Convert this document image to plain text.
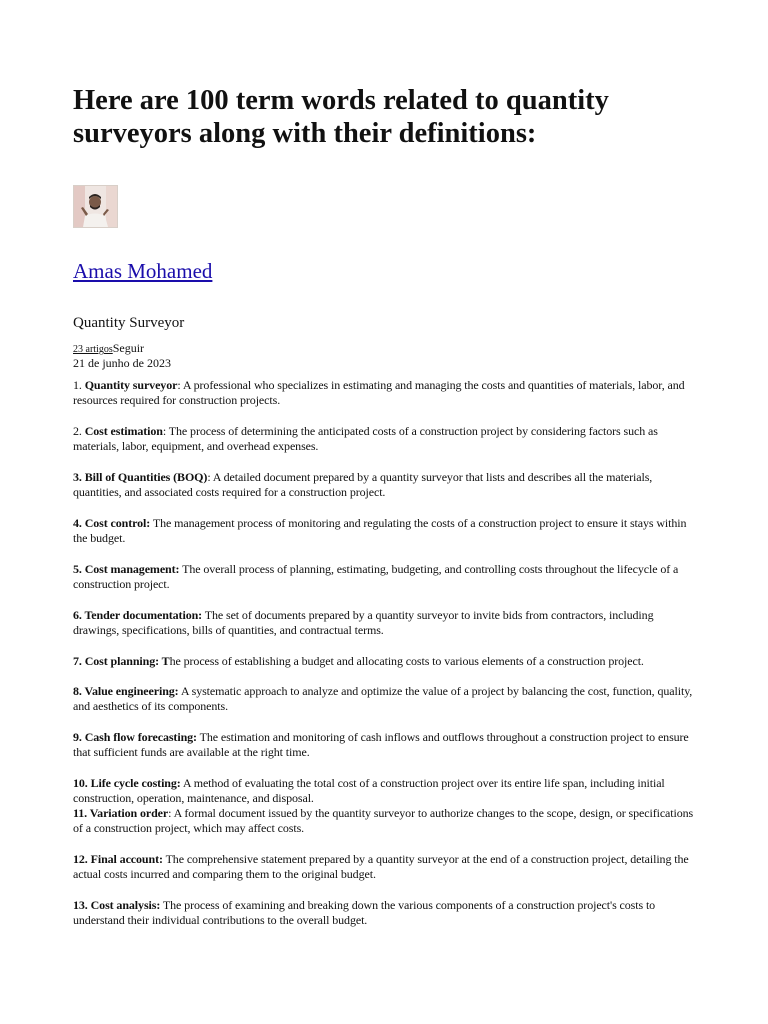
Here are 100 term words related to quantity surveyors along with their definitions:
Amas Mohamed
Quantity Surveyor
23 artigosSeguir
21 de junho de 2023

1. Quantity surveyor: A professional who specializes in estimating and managing the costs and quantities of materials, labor, and resources required for construction projects.

2. Cost estimation: The process of determining the anticipated costs of a construction project by considering factors such as materials, labor, equipment, and overhead expenses.

3. Bill of Quantities (BOQ): A detailed document prepared by a quantity surveyor that lists and describes all the materials, quantities, and associated costs required for a construction project.

4. Cost control: The management process of monitoring and regulating the costs of a construction project to ensure it stays within the budget.

5. Cost management: The overall process of planning, estimating, budgeting, and controlling costs throughout the lifecycle of a construction project.

6. Tender documentation: The set of documents prepared by a quantity surveyor to invite bids from contractors, including drawings, specifications, bills of quantities, and contractual terms.

7. Cost planning: The process of establishing a budget and allocating costs to various elements of a construction project.

8. Value engineering: A systematic approach to analyze and optimize the value of a project by balancing the cost, function, quality, and aesthetics of its components.

9. Cash flow forecasting: The estimation and monitoring of cash inflows and outflows throughout a construction project to ensure that sufficient funds are available at the right time.

10. Life cycle costing: A method of evaluating the total cost of a construction project over its entire life span, including initial construction, operation, maintenance, and disposal.

11. Variation order: A formal document issued by the quantity surveyor to authorize changes to the scope, design, or specifications of a construction project, which may affect costs.

12. Final account: The comprehensive statement prepared by a quantity surveyor at the end of a construction project, detailing the actual costs incurred and comparing them to the original budget.

13. Cost analysis: The process of examining and breaking down the various components of a construction project's costs to understand their individual contributions to the overall budget.
